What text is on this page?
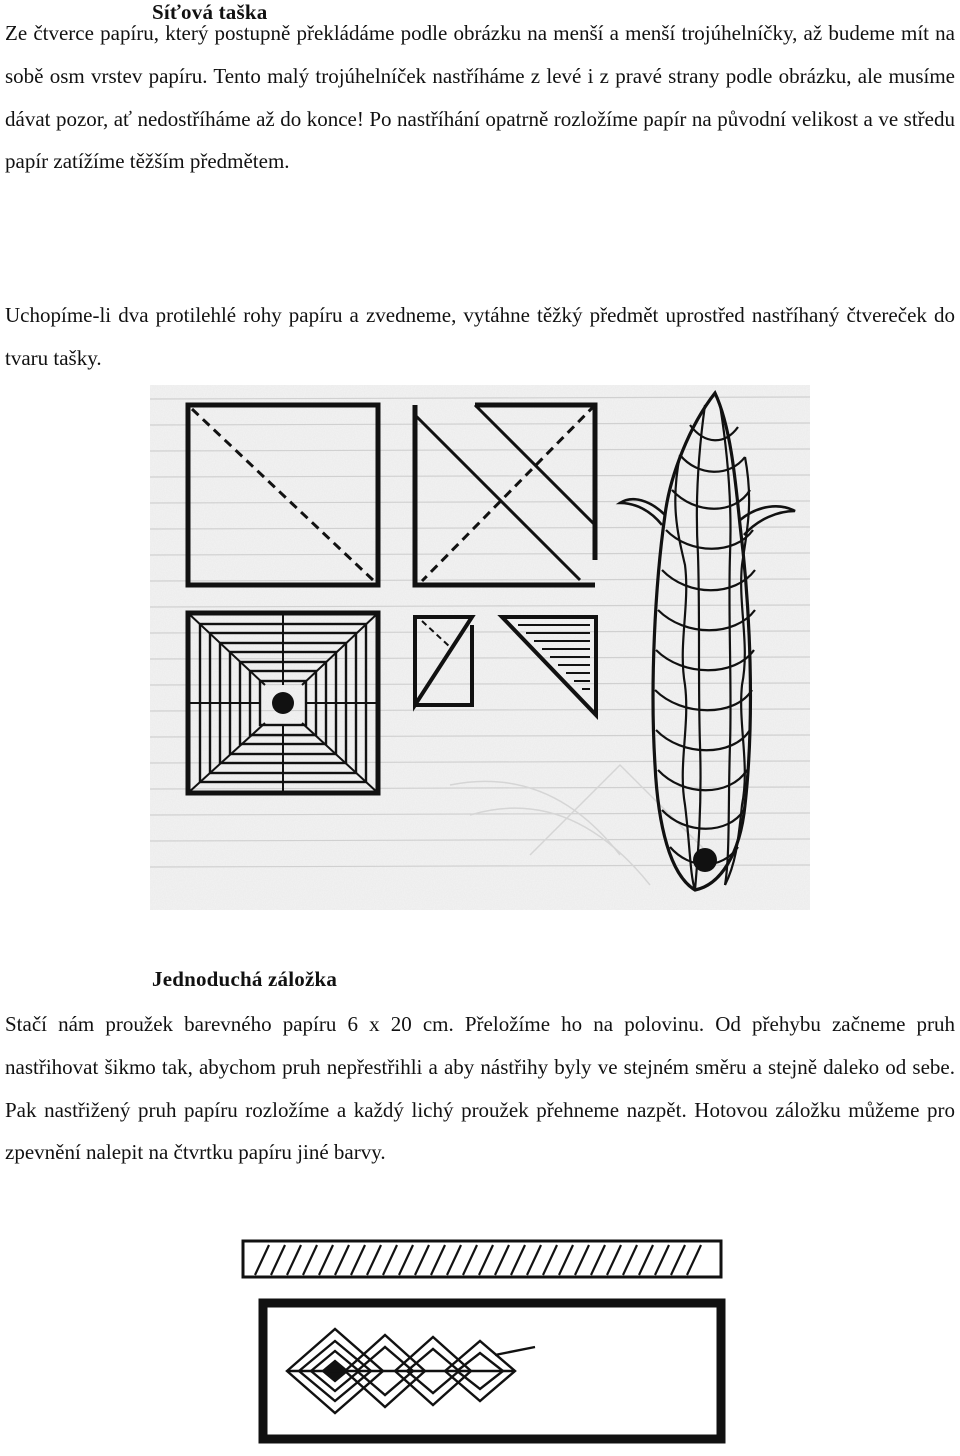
Síťová taška

Ze čtverce papíru, který postupně překládáme podle obrázku na menší a menší trojúhelníčky, až budeme mít na sobě osm vrstev papíru. Tento malý trojúhelníček nastříháme z levé i z pravé strany podle obrázku, ale musíme dávat pozor, ať nedostříháme až do konce! Po nastříhání opatrně rozložíme papír na původní velikost a ve středu papír zatížíme těžším předmětem.

Uchopíme-li dva protilehlé rohy papíru a zvedneme, vytáhne těžký předmět uprostřed nastříhaný čtvereček do tvaru tašky.

Jednoduchá záložka

Stačí nám proužek barevného papíru 6 x 20 cm. Přeložíme ho na polovinu. Od přehybu začneme pruh nastřihovat šikmo tak, abychom pruh nepřestřihli a aby nástřihy byly ve stejném směru a stejně daleko od sebe. Pak nastřižený pruh papíru rozložíme a každý lichý proužek přehneme nazpět. Hotovou záložku můžeme pro zpevnění nalepit na čtvrtku papíru jiné barvy.
